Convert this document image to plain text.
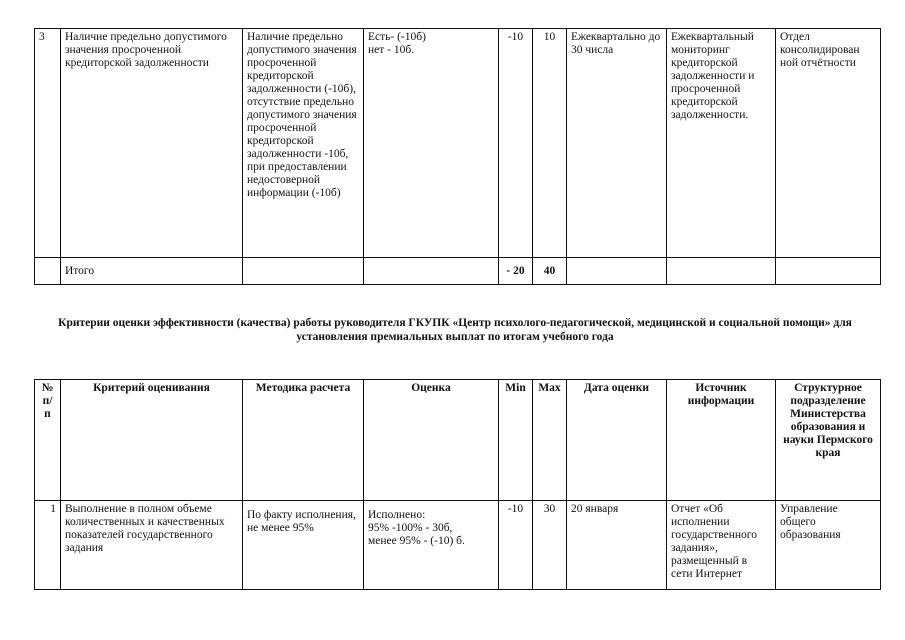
3	Наличие предельно допустимого значения просроченной кредиторской задолженности	Наличие предельно допустимого значения просроченной кредиторской задолженности (-10б), отсутствие предельно допустимого значения просроченной кредиторской задолженности -10б, при предоставлении недостоверной информации (-10б)	Есть- (-10б)
нет - 10б.	-10	10	Ежеквартально до 30 числа	Ежеквартальный мониторинг кредиторской задолженности и просроченной кредиторской задолженности.	Отдел консолидирован ной отчётности
	Итого			- 20	40			
Критерии оценки эффективности (качества) работы руководителя ГКУПК «Центр психолого-педагогической, медицинской и социальной помощи» для установления премиальных выплат по итогам учебного года
№ п/ п	Критерий оценивания	Методика расчета	Оценка	Min	Max	Дата оценки	Источник информации	Структурное подразделение Министерства образования и науки Пермского края
1	Выполнение в полном объеме количественных и качественных показателей государственного задания	По факту исполнения, не менее 95%	Исполнено:
95% -100% - 30б,
менее 95% - (-10) б.	-10	30	20 января	Отчет «Об исполнении государственного задания», размещенный в сети Интернет	Управление общего образования
